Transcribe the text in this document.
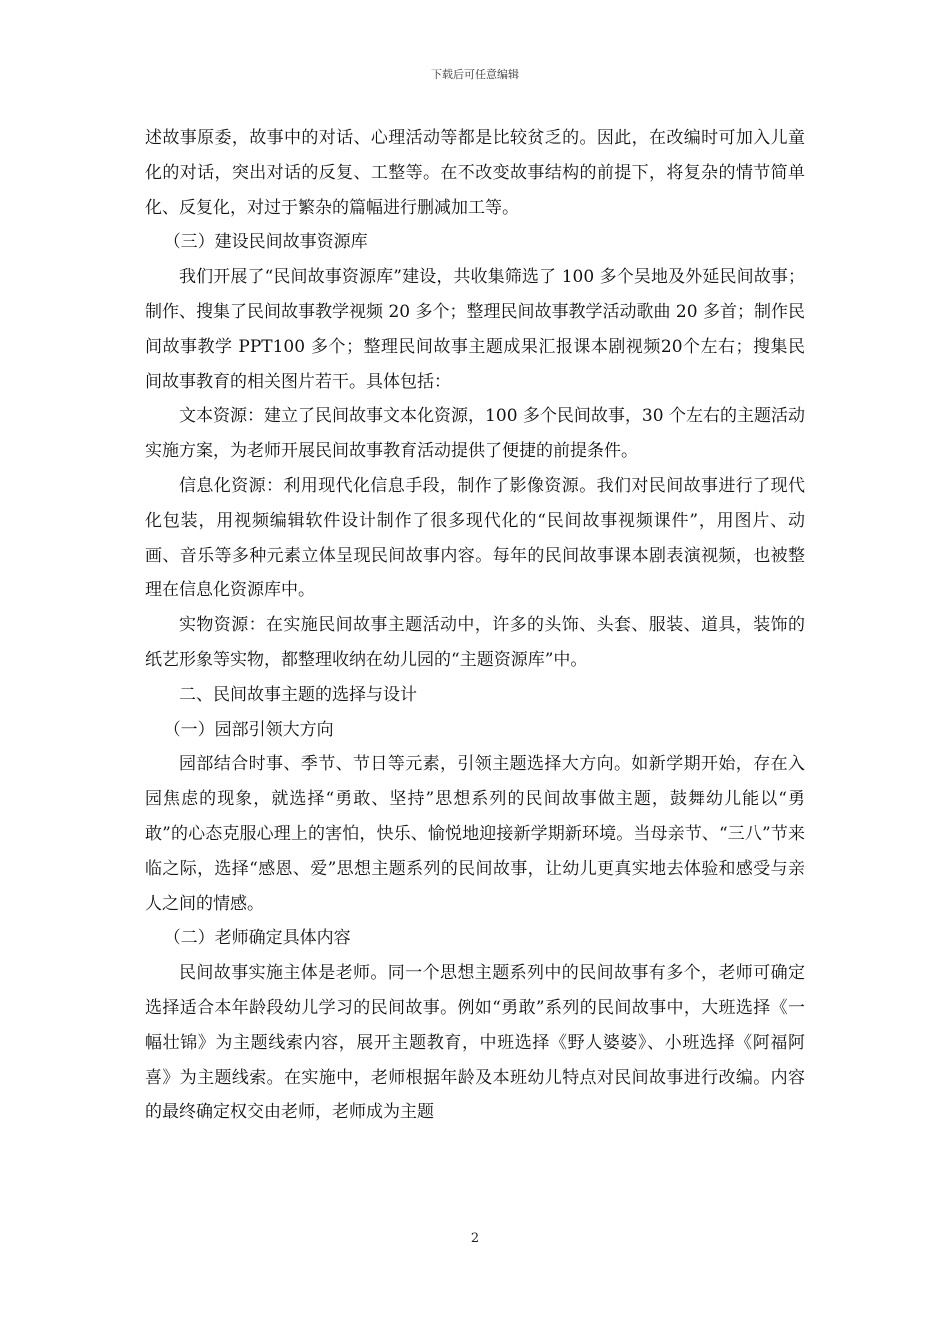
下载后可任意编辑

述故事原委，故事中的对话、心理活动等都是比较贫乏的。因此，在改编时可加入儿童化的对话，突出对话的反复、工整等。在不改变故事结构的前提下，将复杂的情节简单化、反复化，对过于繁杂的篇幅进行删减加工等。

（三）建设民间故事资源库

我们开展了“民间故事资源库”建设，共收集筛选了 100 多个吴地及外延民间故事；制作、搜集了民间故事教学视频 20 多个；整理民间故事教学活动歌曲 20 多首；制作民间故事教学 PPT100 多个；整理民间故事主题成果汇报课本剧视频20个左右；搜集民间故事教育的相关图片若干。具体包括：

文本资源：建立了民间故事文本化资源，100 多个民间故事，30 个左右的主题活动实施方案，为老师开展民间故事教育活动提供了便捷的前提条件。

信息化资源：利用现代化信息手段，制作了影像资源。我们对民间故事进行了现代化包装，用视频编辑软件设计制作了很多现代化的“民间故事视频课件”，用图片、动画、音乐等多种元素立体呈现民间故事内容。每年的民间故事课本剧表演视频，也被整理在信息化资源库中。

实物资源：在实施民间故事主题活动中，许多的头饰、头套、服装、道具，装饰的纸艺形象等实物，都整理收纳在幼儿园的“主题资源库”中。

二、民间故事主题的选择与设计

（一）园部引领大方向

园部结合时事、季节、节日等元素，引领主题选择大方向。如新学期开始，存在入园焦虑的现象，就选择“勇敢、坚持”思想系列的民间故事做主题，鼓舞幼儿能以“勇敢”的心态克服心理上的害怕，快乐、愉悦地迎接新学期新环境。当母亲节、“三八”节来临之际，选择“感恩、爱”思想主题系列的民间故事，让幼儿更真实地去体验和感受与亲人之间的情感。

（二）老师确定具体内容

民间故事实施主体是老师。同一个思想主题系列中的民间故事有多个，老师可确定选择适合本年龄段幼儿学习的民间故事。例如“勇敢”系列的民间故事中，大班选择《一幅壮锦》为主题线索内容，展开主题教育，中班选择《野人婆婆》、小班选择《阿福阿喜》为主题线索。在实施中，老师根据年龄及本班幼儿特点对民间故事进行改编。内容的最终确定权交由老师，老师成为主题

2
